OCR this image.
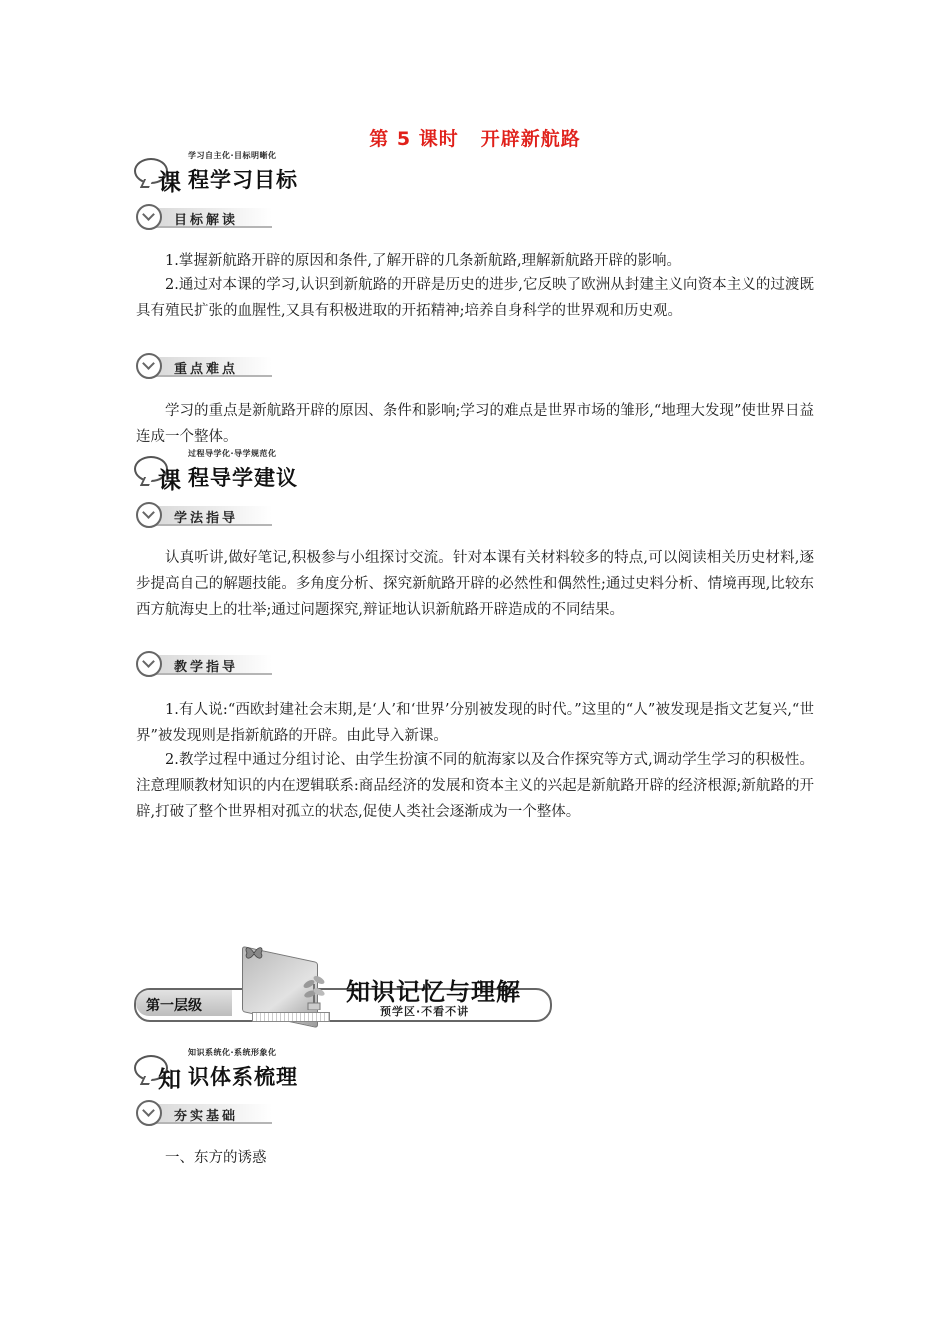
第 5 课时 开辟新航路
学习自主化·目标明晰化
课 程学习目标
目标解读

1.掌握新航路开辟的原因和条件,了解开辟的几条新航路,理解新航路开辟的影响。

2.通过对本课的学习,认识到新航路的开辟是历史的进步,它反映了欧洲从封建主义向资本主义的过渡既具有殖民扩张的血腥性,又具有积极进取的开拓精神;培养自身科学的世界观和历史观。

重点难点

学习的重点是新航路开辟的原因、条件和影响;学习的难点是世界市场的雏形,“地理大发现”使世界日益连成一个整体。

过程导学化·导学规范化
课 程导学建议
学法指导

认真听讲,做好笔记,积极参与小组探讨交流。针对本课有关材料较多的特点,可以阅读相关历史材料,逐步提高自己的解题技能。多角度分析、探究新航路开辟的必然性和偶然性;通过史料分析、情境再现,比较东西方航海史上的壮举;通过问题探究,辩证地认识新航路开辟造成的不同结果。

教学指导

1.有人说:“西欧封建社会末期,是‘人’和‘世界’分别被发现的时代。”这里的“人”被发现是指文艺复兴,“世界”被发现则是指新航路的开辟。由此导入新课。

2.教学过程中通过分组讨论、由学生扮演不同的航海家以及合作探究等方式,调动学生学习的积极性。注意理顺教材知识的内在逻辑联系:商品经济的发展和资本主义的兴起是新航路开辟的经济根源;新航路的开辟,打破了整个世界相对孤立的状态,促使人类社会逐渐成为一个整体。

第一层级	知识记忆与理解
预学区·不看不讲
知识系统化·系统形象化
知 识体系梳理
夯实基础

一、东方的诱惑
